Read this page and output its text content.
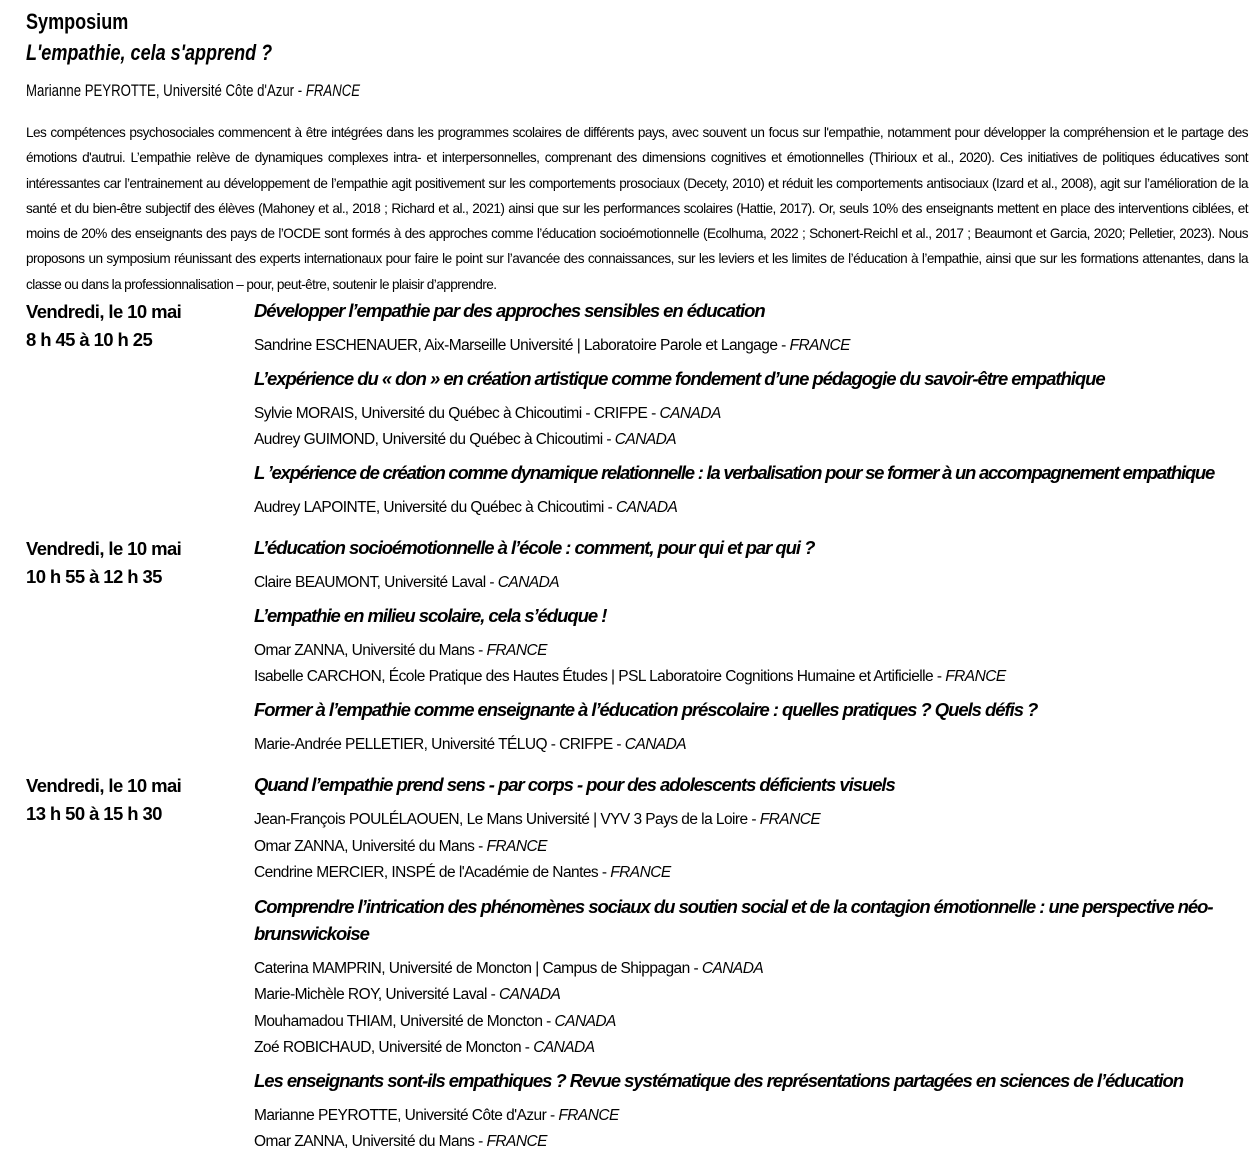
Symposium
L'empathie, cela s'apprend ?
Marianne PEYROTTE, Université Côte d'Azur - FRANCE

Les compétences psychosociales commencent à être intégrées dans les programmes scolaires de différents pays, avec souvent un focus sur l'empathie, notamment pour développer la compréhension et le partage des émotions d'autrui. L’empathie relève de dynamiques complexes intra- et interpersonnelles, comprenant des dimensions cognitives et émotionnelles (Thirioux et al., 2020). Ces initiatives de politiques éducatives sont intéressantes car l’entrainement au développement de l’empathie agit positivement sur les comportements prosociaux (Decety, 2010) et réduit les comportements antisociaux (Izard et al., 2008), agit sur l’amélioration de la santé et du bien-être subjectif des élèves (Mahoney et al., 2018 ; Richard et al., 2021) ainsi que sur les performances scolaires (Hattie, 2017). Or, seuls 10% des enseignants mettent en place des interventions ciblées, et moins de 20% des enseignants des pays de l’OCDE sont formés à des approches comme l’éducation socioémotionnelle (Ecolhuma, 2022 ; Schonert-Reichl et al., 2017 ; Beaumont et Garcia, 2020; Pelletier, 2023). Nous proposons un symposium réunissant des experts internationaux pour faire le point sur l’avancée des connaissances, sur les leviers et les limites de l’éducation à l’empathie, ainsi que sur les formations attenantes, dans la classe ou dans la professionnalisation – pour, peut-être, soutenir le plaisir d’apprendre.

Vendredi, le 10 mai
8 h 45 à 10 h 25
Développer l’empathie par des approches sensibles en éducation
Sandrine ESCHENAUER, Aix-Marseille Université | Laboratoire Parole et Langage - FRANCE
L’expérience du « don » en création artistique comme fondement d’une pédagogie du savoir-être empathique
Sylvie MORAIS, Université du Québec à Chicoutimi - CRIFPE - CANADA
Audrey GUIMOND, Université du Québec à Chicoutimi - CANADA
L ’expérience de création comme dynamique relationnelle : la verbalisation pour se former à un accompagnement empathique
Audrey LAPOINTE, Université du Québec à Chicoutimi - CANADA
Vendredi, le 10 mai
10 h 55 à 12 h 35
L’éducation socioémotionnelle à l’école : comment, pour qui et par qui ?
Claire BEAUMONT, Université Laval - CANADA
L’empathie en milieu scolaire, cela s’éduque !
Omar ZANNA, Université du Mans - FRANCE
Isabelle CARCHON, École Pratique des Hautes Études | PSL Laboratoire Cognitions Humaine et Artificielle - FRANCE
Former à l’empathie comme enseignante à l’éducation préscolaire : quelles pratiques ? Quels défis ?
Marie-Andrée PELLETIER, Université TÉLUQ - CRIFPE - CANADA
Vendredi, le 10 mai
13 h 50 à 15 h 30
Quand l’empathie prend sens - par corps - pour des adolescents déficients visuels
Jean-François POULÉLAOUEN, Le Mans Université | VYV 3 Pays de la Loire - FRANCE
Omar ZANNA, Université du Mans - FRANCE
Cendrine MERCIER, INSPÉ de l'Académie de Nantes - FRANCE
Comprendre l’intrication des phénomènes sociaux du soutien social et de la contagion émotionnelle : une perspective néo-brunswickoise
Caterina MAMPRIN, Université de Moncton | Campus de Shippagan - CANADA
Marie-Michèle ROY, Université Laval - CANADA
Mouhamadou THIAM, Université de Moncton - CANADA
Zoé ROBICHAUD, Université de Moncton - CANADA
Les enseignants sont-ils empathiques ? Revue systématique des représentations partagées en sciences de l’éducation
Marianne PEYROTTE, Université Côte d'Azur - FRANCE
Omar ZANNA, Université du Mans - FRANCE
